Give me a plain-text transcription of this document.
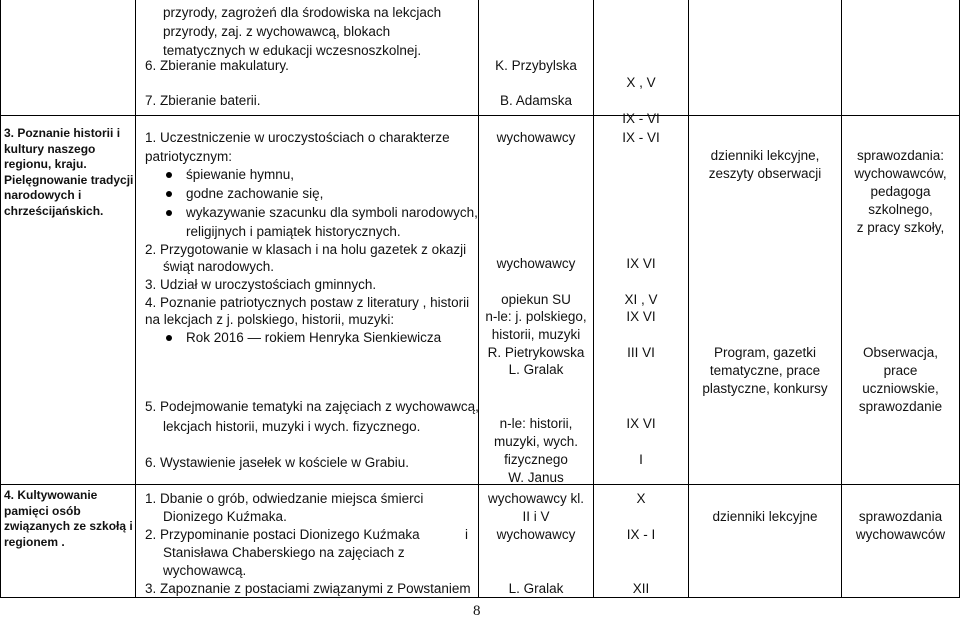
3. Poznanie historii i
kultury naszego
regionu, kraju.
Pielęgnowanie tradycji
narodowych i
chrześcijańskich.
4. Kultywowanie
pamięci osób
związanych ze szkołą i
regionem .
przyrody, zagrożeń dla środowiska na lekcjach
przyrody, zaj. z wychowawcą, blokach
tematycznych w edukacji wczesnoszkolnej.
6. Zbieranie makulatury.
7. Zbieranie baterii.
1. Uczestniczenie w uroczystościach o charakterze
patriotycznym:
śpiewanie hymnu,
godne zachowanie się,
wykazywanie szacunku dla symboli narodowych,
religijnych i pamiątek historycznych.
2. Przygotowanie w klasach i na holu gazetek z okazji
świąt narodowych.
3. Udział w uroczystościach gminnych.
4. Poznanie patriotycznych postaw z literatury , historii
na lekcjach z j. polskiego, historii, muzyki:
Rok 2016 — rokiem Henryka Sienkiewicza
5. Podejmowanie tematyki na zajęciach z wychowawcą,
lekcjach historii, muzyki i wych. fizycznego.
6. Wystawienie jasełek w kościele w Grabiu.
1. Dbanie o grób, odwiedzanie miejsca śmierci
Dionizego Kuźmaka.
2. Przypominanie postaci Dionizego Kuźmaka	i
Stanisława Chaberskiego na zajęciach z
wychowawcą.
3. Zapoznanie z postaciami związanymi z Powstaniem
K. Przybylska
B. Adamska
wychowawcy
wychowawcy
opiekun SU
n-le: j. polskiego,
historii, muzyki
R. Pietrykowska
L. Gralak
n-le: historii,
muzyki, wych.
fizycznego
W. Janus
wychowawcy kl.
II i V
wychowawcy
L. Gralak
X , V
IX - VI
IX - VI
IX VI
XI , V
IX VI
III VI
IX VI
I
X
IX - I
XII
dzienniki lekcyjne,
zeszyty obserwacji
Program, gazetki
tematyczne, prace
plastyczne, konkursy
dzienniki lekcyjne
sprawozdania:
wychowawców,
pedagoga
szkolnego,
z pracy szkoły,
Obserwacja,
prace
uczniowskie,
sprawozdanie
sprawozdania
wychowawców
8
